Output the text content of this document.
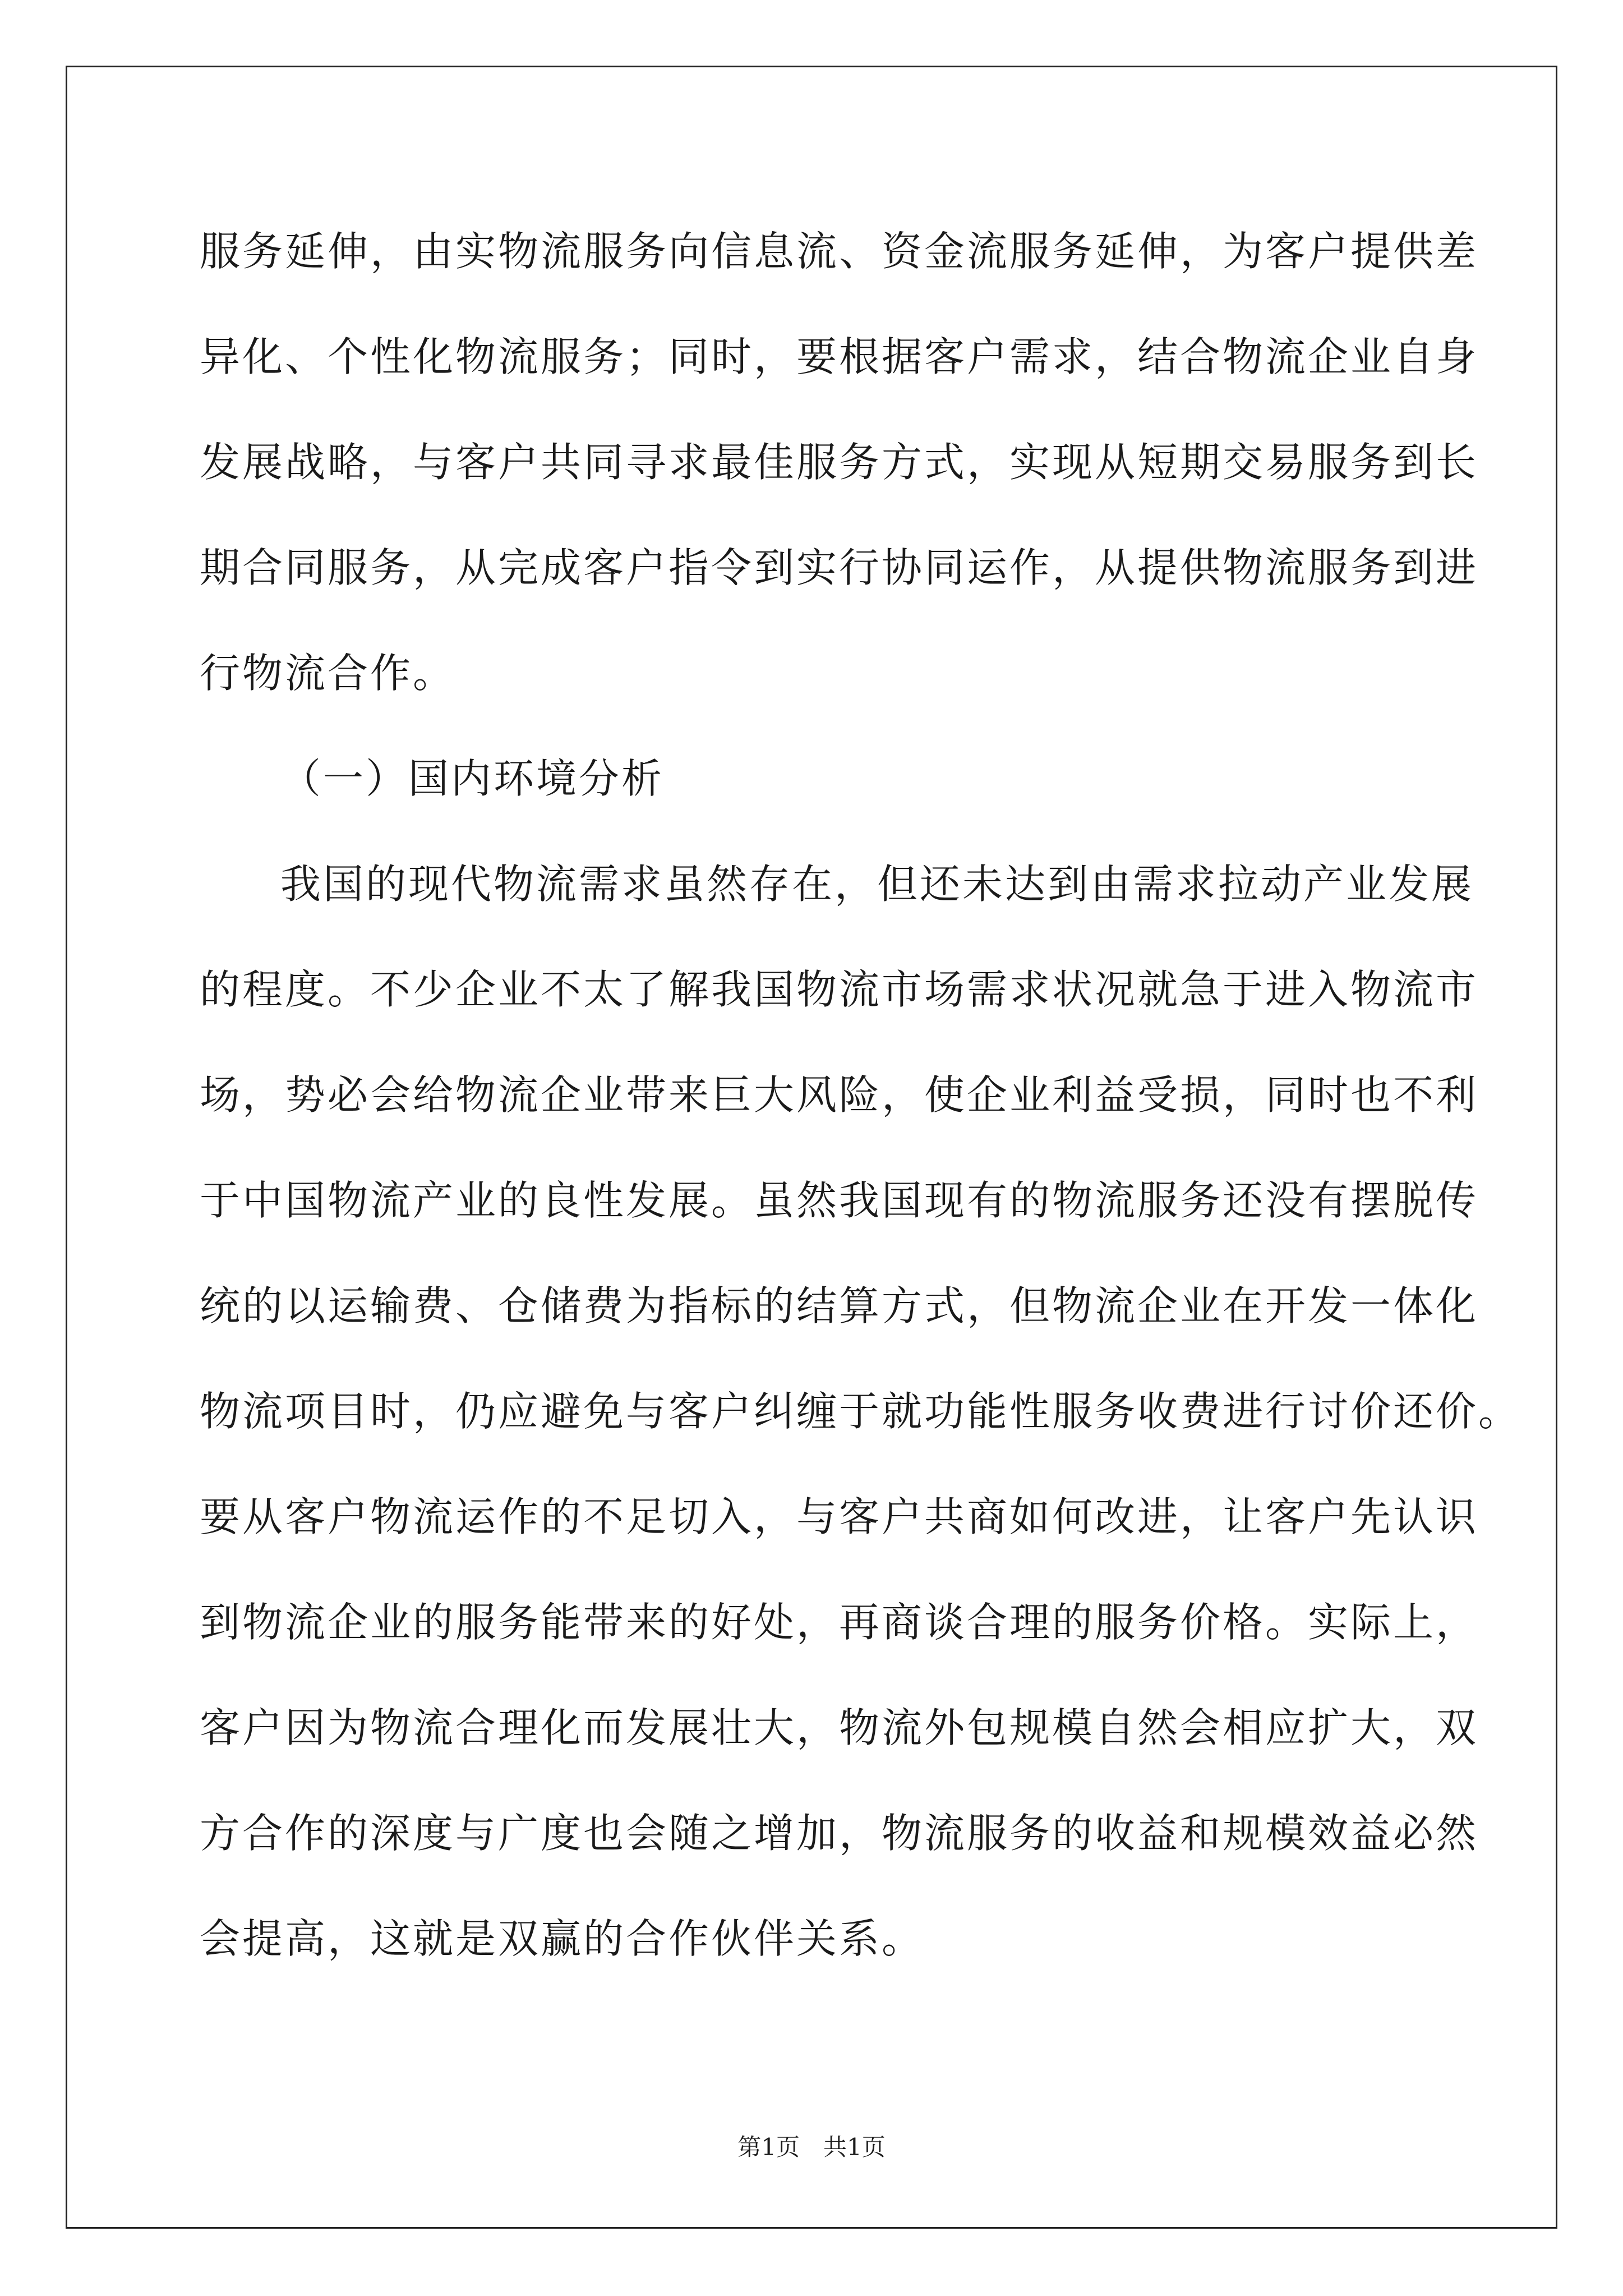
服务延伸，由实物流服务向信息流、资金流服务延伸，为客户提供差
异化、个性化物流服务；同时，要根据客户需求，结合物流企业自身
发展战略，与客户共同寻求最佳服务方式，实现从短期交易服务到长
期合同服务，从完成客户指令到实行协同运作，从提供物流服务到进
行物流合作。
（一）国内环境分析
我国的现代物流需求虽然存在，但还未达到由需求拉动产业发展
的程度。不少企业不太了解我国物流市场需求状况就急于进入物流市
场，势必会给物流企业带来巨大风险，使企业利益受损，同时也不利
于中国物流产业的良性发展。虽然我国现有的物流服务还没有摆脱传
统的以运输费、仓储费为指标的结算方式，但物流企业在开发一体化
物流项目时，仍应避免与客户纠缠于就功能性服务收费进行讨价还价。
要从客户物流运作的不足切入，与客户共商如何改进，让客户先认识
到物流企业的服务能带来的好处，再商谈合理的服务价格。实际上，
客户因为物流合理化而发展壮大，物流外包规模自然会相应扩大，双
方合作的深度与广度也会随之增加，物流服务的收益和规模效益必然
会提高，这就是双赢的合作伙伴关系。
第1页　共1页
